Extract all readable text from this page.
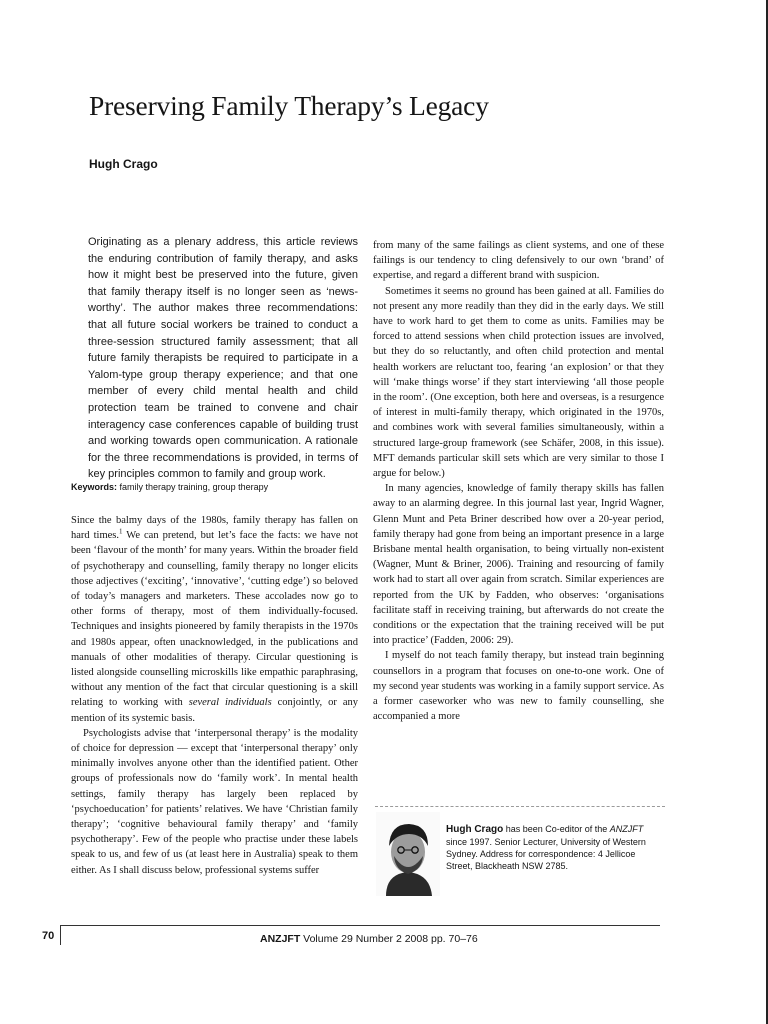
Preserving Family Therapy’s Legacy
Hugh Crago

Originating as a plenary address, this article reviews the enduring contribution of family therapy, and asks how it might best be preserved into the future, given that family therapy itself is no longer seen as ‘news-worthy’. The author makes three recommendations: that all future social workers be trained to conduct a three-session structured family assessment; that all future family therapists be required to participate in a Yalom-type group therapy experience; and that one member of every child mental health and child protection team be trained to convene and chair interagency case conferences capable of building trust and working towards open communication. A rationale for the three recommendations is provided, in terms of key principles common to family and group work.

Keywords: family therapy training, group therapy

Since the balmy days of the 1980s, family therapy has fallen on hard times.$^1$ We can pretend, but let’s face the facts: we have not been ‘flavour of the month’ for many years. Within the broader field of psychotherapy and counselling, family therapy no longer elicits those adjectives (‘exciting’, ‘innovative’, ‘cutting edge’) so beloved of today’s managers and marketers. These accolades now go to other forms of therapy, most of them individually-focused. Techniques and insights pioneered by family therapists in the 1970s and 1980s appear, often unacknowledged, in the publications and manuals of other modalities of therapy. Circular questioning is listed alongside counselling microskills like empathic paraphrasing, without any mention of the fact that circular questioning is a skill relating to working with several individuals conjointly, or any mention of its systemic basis.

Psychologists advise that ‘interpersonal therapy’ is the modality of choice for depression — except that ‘interpersonal therapy’ only minimally involves anyone other than the identified patient. Other groups of professionals now do ‘family work’. In mental health settings, family therapy has largely been replaced by ‘psychoeducation’ for patients’ relatives. We have ‘Christian family therapy’; ‘cognitive behavioural family therapy’ and ‘family psychotherapy’. Few of the people who practise under these labels speak to us, and few of us (at least here in Australia) speak to them either. As I shall discuss below, professional systems suffer

from many of the same failings as client systems, and one of these failings is our tendency to cling defensively to our own ‘brand’ of expertise, and regard a different brand with suspicion.

Sometimes it seems no ground has been gained at all. Families do not present any more readily than they did in the early days. We still have to work hard to get them to come as units. Families may be forced to attend sessions when child protection issues are involved, but they do so reluctantly, and often child protection and mental health workers are reluctant too, fearing ‘an explosion’ or that they will ‘make things worse’ if they start interviewing ‘all those people in the room’. (One exception, both here and overseas, is a resurgence of interest in multi-family therapy, which originated in the 1970s, and combines work with several families simultaneously, within a structured large-group framework (see Schäfer, 2008, in this issue). MFT demands particular skill sets which are very similar to those I argue for below.)

In many agencies, knowledge of family therapy skills has fallen away to an alarming degree. In this journal last year, Ingrid Wagner, Glenn Munt and Peta Briner described how over a 20-year period, family therapy had gone from being an important presence in a large Brisbane mental health organisation, to being virtually non-existent (Wagner, Munt & Briner, 2006). Training and resourcing of family work had to start all over again from scratch. Similar experiences are reported from the UK by Fadden, who observes: ‘organisations facilitate staff in receiving training, but afterwards do not create the conditions or the expectation that the training received will be put into practice’ (Fadden, 2006: 29).

I myself do not teach family therapy, but instead train beginning counsellors in a program that focuses on one-to-one work. One of my second year students was working in a family support service. As a former caseworker who was new to family counselling, she accompanied a more

Hugh Crago has been Co-editor of the ANZJFT since 1997. Senior Lecturer, University of Western Sydney. Address for correspondence: 4 Jellicoe Street, Blackheath NSW 2785.
70	ANZJFT Volume 29 Number 2 2008 pp. 70–76
